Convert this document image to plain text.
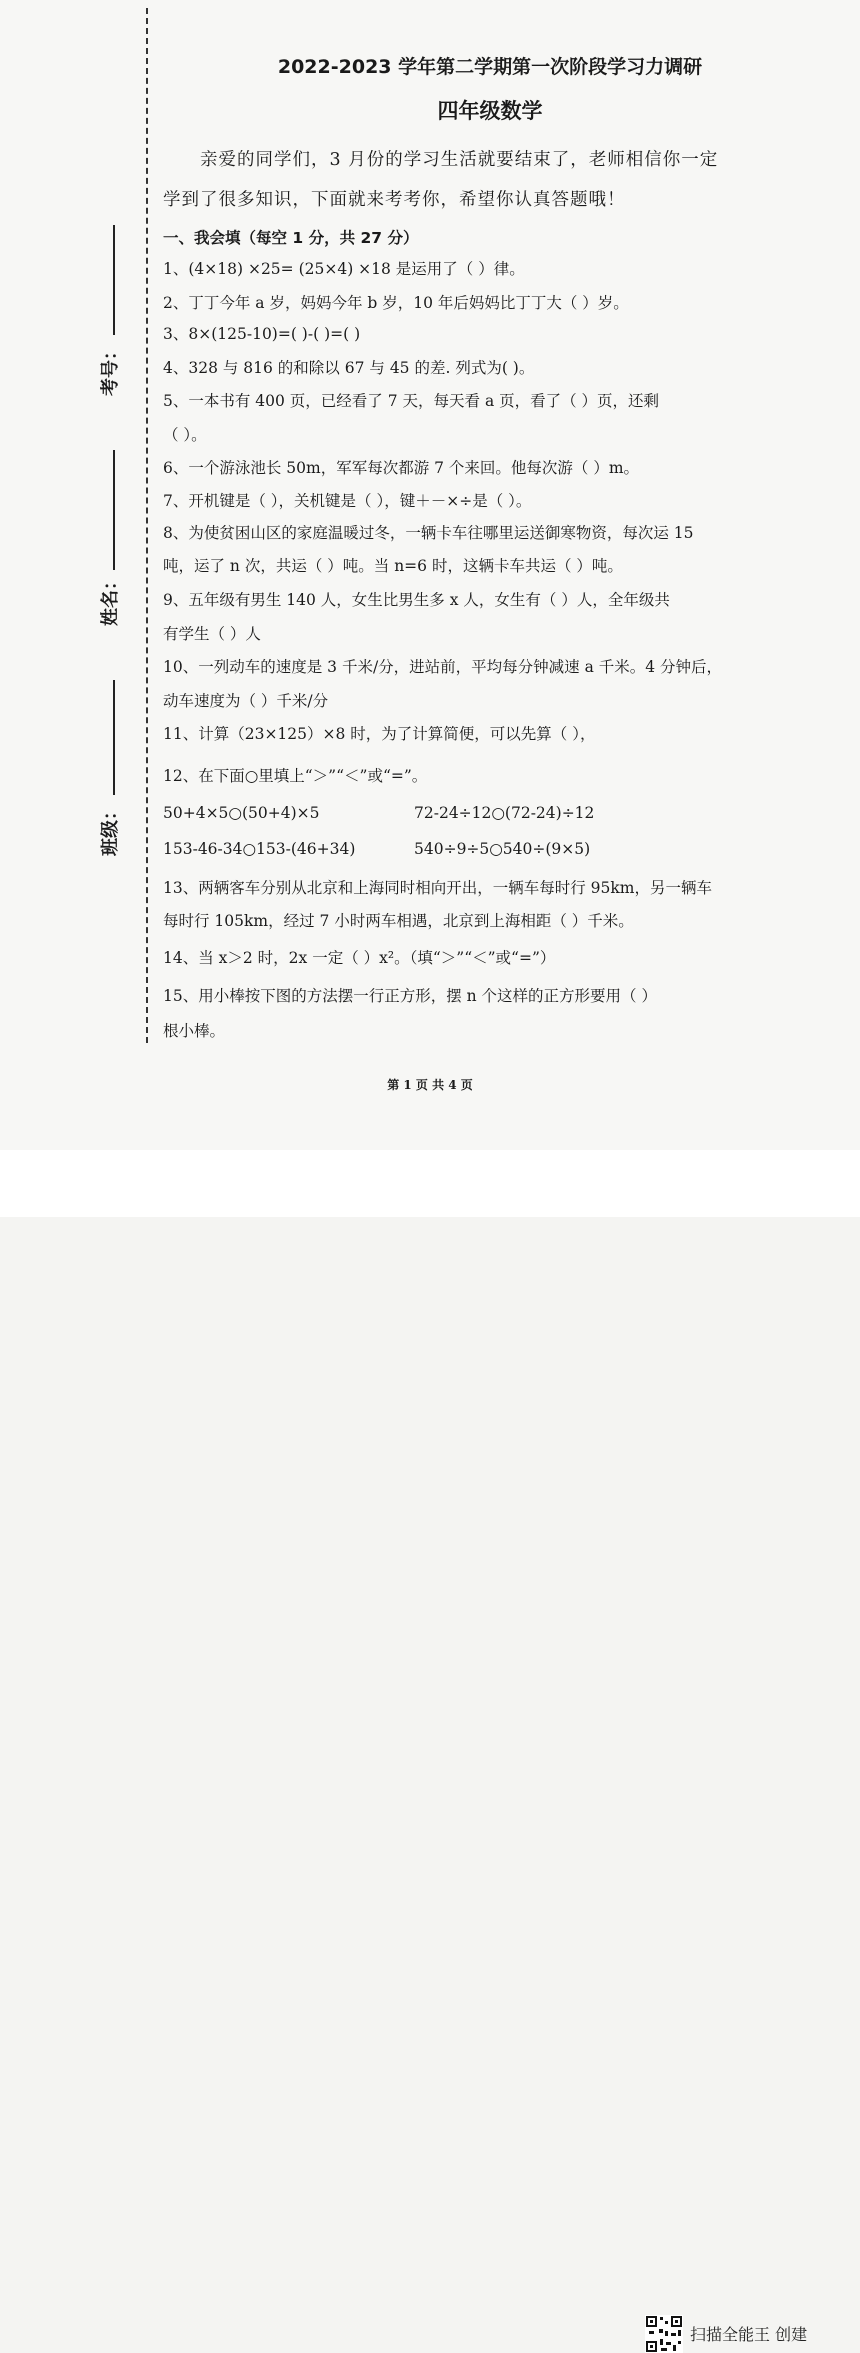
考号：
姓名：
班级：
2022-2023 学年第二学期第一次阶段学习力调研
四年级数学
亲爱的同学们，3 月份的学习生活就要结束了，老师相信你一定
学到了很多知识，下面就来考考你，希望你认真答题哦！
一、我会填（每空 1 分，共 27 分）
1、(4×18) ×25= (25×4) ×18 是运用了（ ）律。
2、丁丁今年 a 岁，妈妈今年 b 岁，10 年后妈妈比丁丁大（ ）岁。
3、8×(125-10)=( )-( )=( )
4、328 与 816 的和除以 67 与 45 的差. 列式为( )。
5、一本书有 400 页，已经看了 7 天，每天看 a 页，看了（ ）页，还剩
（ ）。
6、一个游泳池长 50m，军军每次都游 7 个来回。他每次游（ ）m。
7、开机键是（ ），关机键是（ ），键＋－×÷是（ ）。
8、为使贫困山区的家庭温暖过冬，一辆卡车往哪里运送御寒物资，每次运 15
吨，运了 n 次，共运（ ）吨。当 n=6 时，这辆卡车共运（ ）吨。
9、五年级有男生 140 人，女生比男生多 x 人，女生有（ ）人，全年级共
有学生（ ）人
10、一列动车的速度是 3 千米/分，进站前，平均每分钟减速 a 千米。4 分钟后，
动车速度为（ ）千米/分
11、计算（23×125）×8 时，为了计算简便，可以先算（ ），
12、在下面○里填上“＞”“＜”或“=”。
50+4×5○(50+4)×5	72-24÷12○(72-24)÷12
153-46-34○153-(46+34)	540÷9÷5○540÷(9×5)
13、两辆客车分别从北京和上海同时相向开出，一辆车每时行 95km，另一辆车
每时行 105km，经过 7 小时两车相遇，北京到上海相距（ ）千米。
14、当 x＞2 时，2x 一定（ ）x²。（填“＞”“＜”或“=”）
15、用小棒按下图的方法摆一行正方形，摆 n 个这样的正方形要用（ ）
根小棒。
第 1 页 共 4 页
扫描全能王 创建
